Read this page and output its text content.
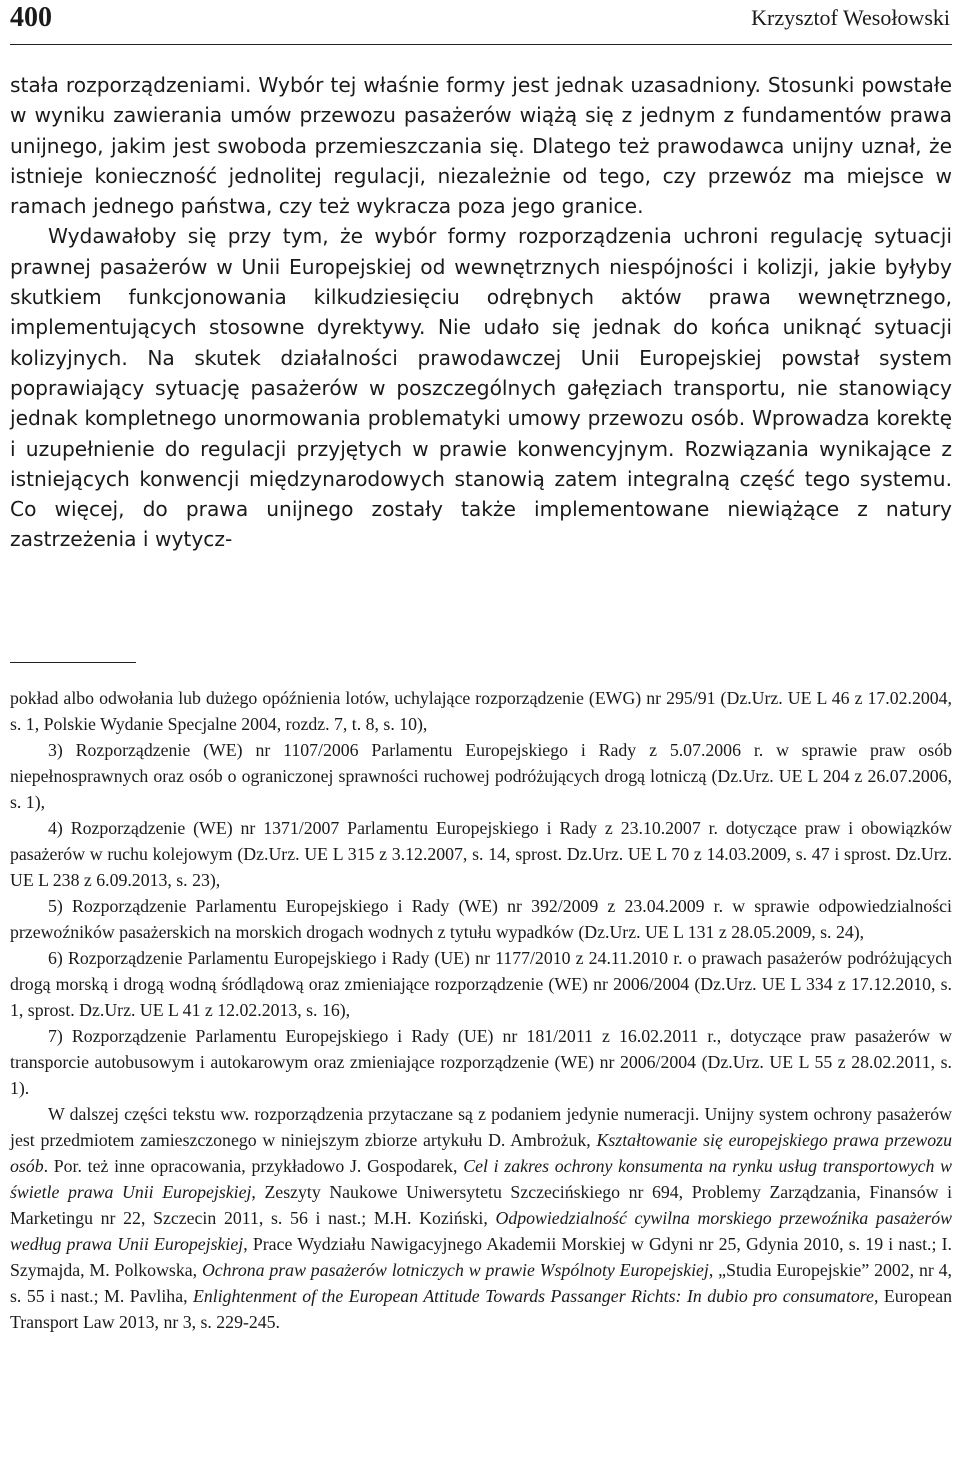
400	Krzysztof Wesołowski

stała rozporządzeniami. Wybór tej właśnie formy jest jednak uzasadniony. Stosunki powstałe w wyniku zawierania umów przewozu pasażerów wiążą się z jednym z fundamentów prawa unijnego, jakim jest swoboda przemieszczania się. Dlatego też prawodawca unijny uznał, że istnieje konieczność jednolitej regulacji, niezależnie od tego, czy przewóz ma miejsce w ramach jednego państwa, czy też wykracza poza jego granice.

Wydawałoby się przy tym, że wybór formy rozporządzenia uchroni regulację sytuacji prawnej pasażerów w Unii Europejskiej od wewnętrznych niespójności i kolizji, jakie byłyby skutkiem funkcjonowania kilkudziesięciu odrębnych aktów prawa wewnętrznego, implementujących stosowne dyrektywy. Nie udało się jednak do końca uniknąć sytuacji kolizyjnych. Na skutek działalności prawodawczej Unii Europejskiej powstał system poprawiający sytuację pasażerów w poszczególnych gałęziach transportu, nie stanowiący jednak kompletnego unormowania problematyki umowy przewozu osób. Wprowadza korektę i uzupełnienie do regulacji przyjętych w prawie konwencyjnym. Rozwiązania wynikające z istniejących konwencji międzynarodowych stanowią zatem integralną część tego systemu. Co więcej, do prawa unijnego zostały także implementowane niewiążące z natury zastrzeżenia i wytycz-

pokład albo odwołania lub dużego opóźnienia lotów, uchylające rozporządzenie (EWG) nr 295/91 (Dz.Urz. UE L 46 z 17.02.2004, s. 1, Polskie Wydanie Specjalne 2004, rozdz. 7, t. 8, s. 10),

3) Rozporządzenie (WE) nr 1107/2006 Parlamentu Europejskiego i Rady z 5.07.2006 r. w sprawie praw osób niepełnosprawnych oraz osób o ograniczonej sprawności ruchowej podróżujących drogą lotniczą (Dz.Urz. UE L 204 z 26.07.2006, s. 1),

4) Rozporządzenie (WE) nr 1371/2007 Parlamentu Europejskiego i Rady z 23.10.2007 r. dotyczące praw i obowiązków pasażerów w ruchu kolejowym (Dz.Urz. UE L 315 z 3.12.2007, s. 14, sprost. Dz.Urz. UE L 70 z 14.03.2009, s. 47 i sprost. Dz.Urz. UE L 238 z 6.09.2013, s. 23),

5) Rozporządzenie Parlamentu Europejskiego i Rady (WE) nr 392/2009 z 23.04.2009 r. w sprawie odpowiedzialności przewoźników pasażerskich na morskich drogach wodnych z tytułu wypadków (Dz.Urz. UE L 131 z 28.05.2009, s. 24),

6) Rozporządzenie Parlamentu Europejskiego i Rady (UE) nr 1177/2010 z 24.11.2010 r. o prawach pasażerów podróżujących drogą morską i drogą wodną śródlądową oraz zmieniające rozporządzenie (WE) nr 2006/2004 (Dz.Urz. UE L 334 z 17.12.2010, s. 1, sprost. Dz.Urz. UE L 41 z 12.02.2013, s. 16),

7) Rozporządzenie Parlamentu Europejskiego i Rady (UE) nr 181/2011 z 16.02.2011 r., dotyczące praw pasażerów w transporcie autobusowym i autokarowym oraz zmieniające rozporządzenie (WE) nr 2006/2004 (Dz.Urz. UE L 55 z 28.02.2011, s. 1).

W dalszej części tekstu ww. rozporządzenia przytaczane są z podaniem jedynie numeracji. Unijny system ochrony pasażerów jest przedmiotem zamieszczonego w niniejszym zbiorze artykułu D. Ambrożuk, Kształtowanie się europejskiego prawa przewozu osób. Por. też inne opracowania, przykładowo J. Gospodarek, Cel i zakres ochrony konsumenta na rynku usług transportowych w świetle prawa Unii Europejskiej, Zeszyty Naukowe Uniwersytetu Szczecińskiego nr 694, Problemy Zarządzania, Finansów i Marketingu nr 22, Szczecin 2011, s. 56 i nast.; M.H. Koziński, Odpowiedzialność cywilna morskiego przewoźnika pasażerów według prawa Unii Europejskiej, Prace Wydziału Nawigacyjnego Akademii Morskiej w Gdyni nr 25, Gdynia 2010, s. 19 i nast.; I. Szymajda, M. Polkowska, Ochrona praw pasażerów lotniczych w prawie Wspólnoty Europejskiej, „Studia Europejskie” 2002, nr 4, s. 55 i nast.; M. Pavliha, Enlightenment of the European Attitude Towards Passanger Richts: In dubio pro consumatore, European Transport Law 2013, nr 3, s. 229-245.
